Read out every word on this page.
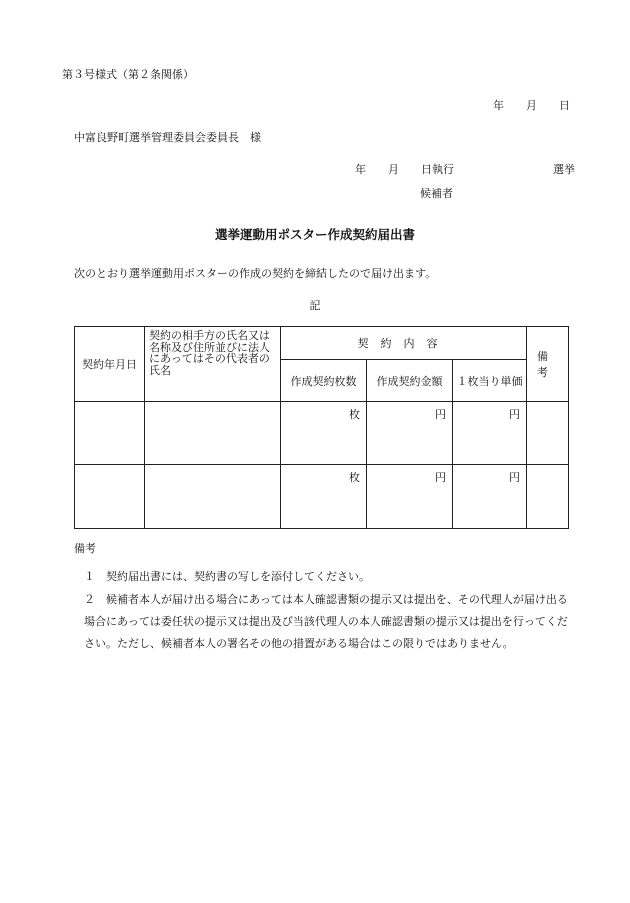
第３号様式（第２条関係）
年 月 日
中富良野町選挙管理委員会委員長　様
年　　月　　日執行　　　　　　　　　選挙
候補者
選挙運動用ポスター作成契約届出書
次のとおり選挙運動用ポスターの作成の契約を締結したので届け出ます。
記
契約年月日	契約の相手方の氏名又は名称及び住所並びに法人にあってはその代表者の氏名	契約内容			備考
		作成契約枚数	作成契約金額	１枚当り単価	
		枚	円	円	
		枚	円	円	
備考
１　 契約届出書には、契約書の写しを添付してください。
２　 候補者本人が届け出る場合にあっては本人確認書類の提示又は提出を、その代理人が届け出る場合にあっては委任状の提示又は提出及び当該代理人の本人確認書類の提示又は提出を行ってください。ただし、候補者本人の署名その他の措置がある場合はこの限りではありません。
